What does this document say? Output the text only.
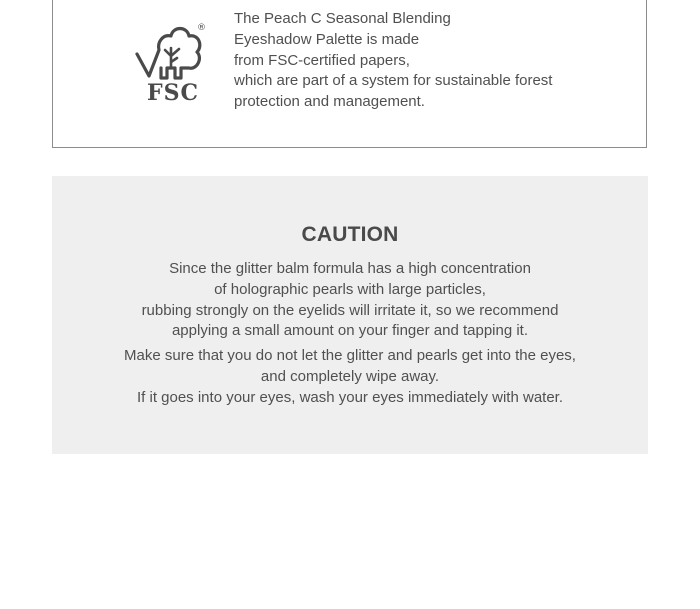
®
FSC
The Peach C Seasonal Blending
Eyeshadow Palette is made
from FSC-certified papers,
which are part of a system for sustainable forest
protection and management.
CAUTION
Since the glitter balm formula has a high concentration
of holographic pearls with large particles,
rubbing strongly on the eyelids will irritate it, so we recommend
applying a small amount on your finger and tapping it.
Make sure that you do not let the glitter and pearls get into the eyes,
and completely wipe away.
If it goes into your eyes, wash your eyes immediately with water.
